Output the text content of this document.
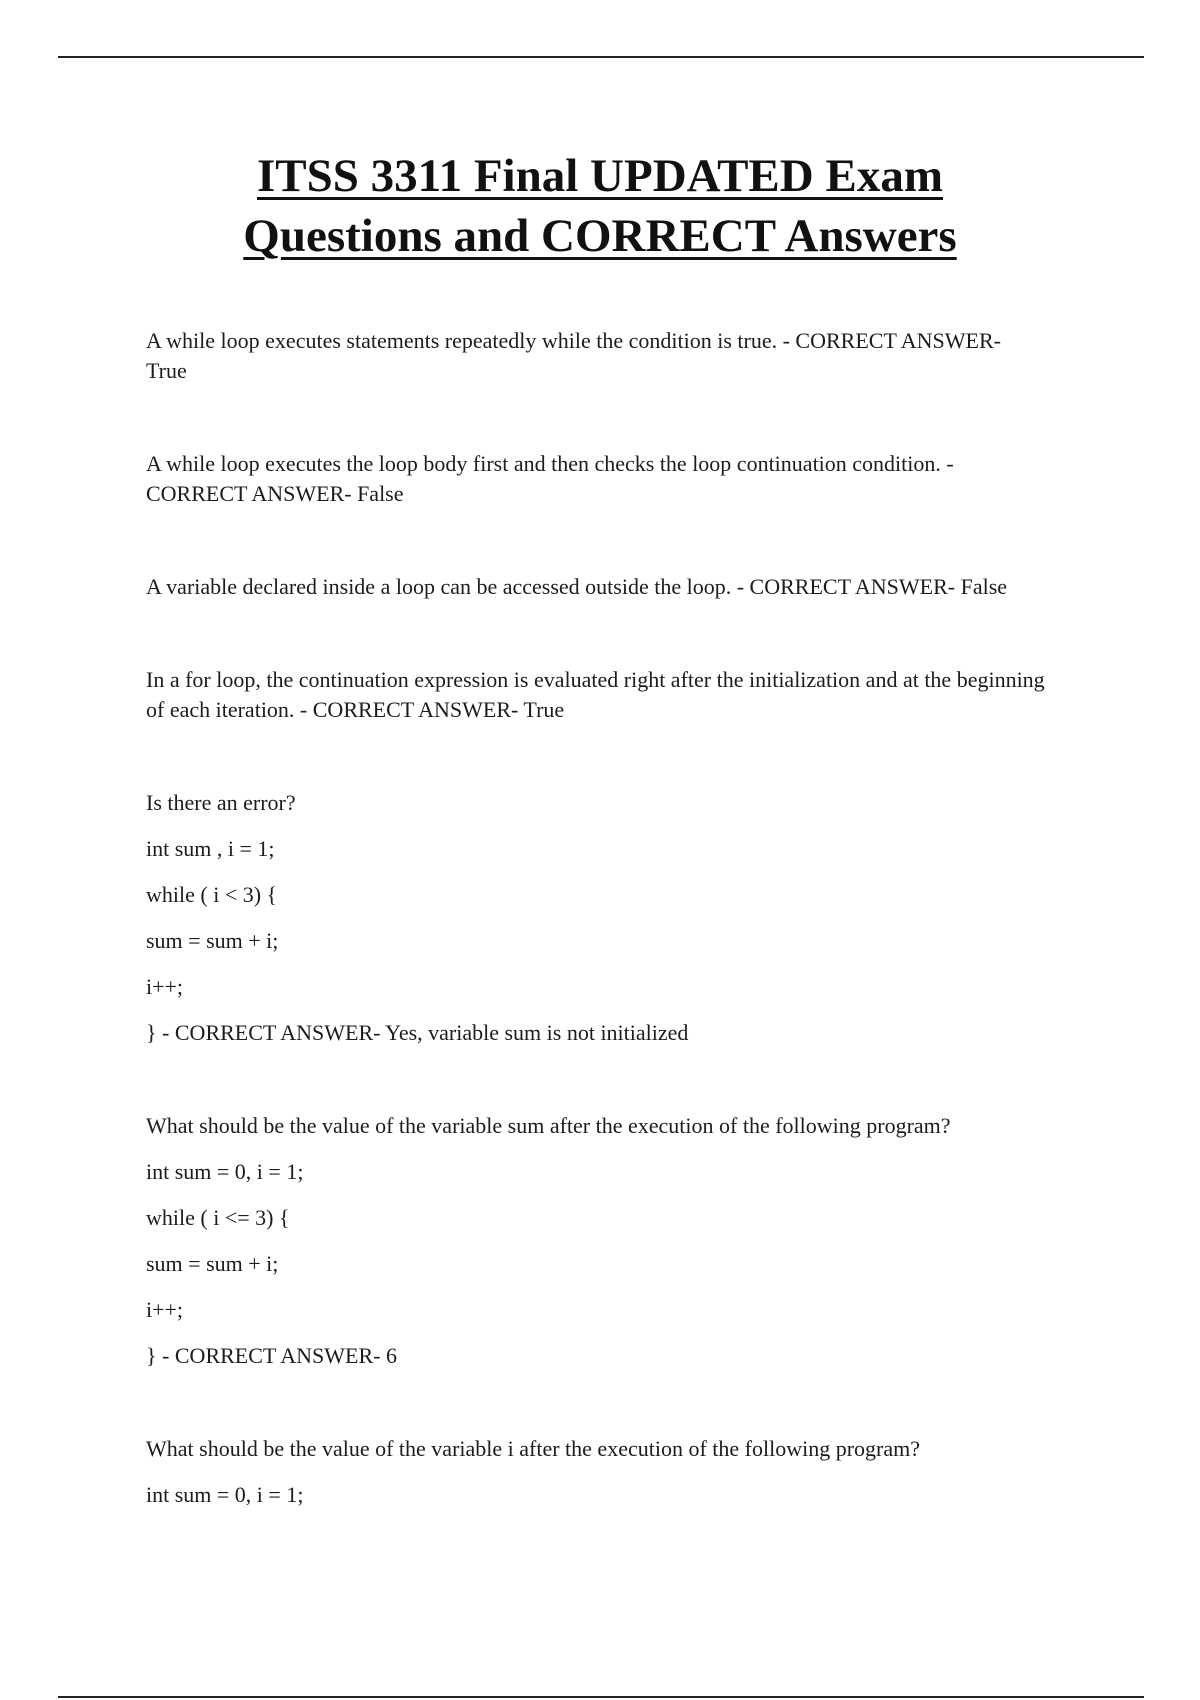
ITSS 3311 Final UPDATED Exam
Questions and CORRECT Answers
A while loop executes statements repeatedly while the condition is true. - CORRECT ANSWER- True
A while loop executes the loop body first and then checks the loop continuation condition. - CORRECT ANSWER- False
A variable declared inside a loop can be accessed outside the loop. - CORRECT ANSWER- False
In a for loop, the continuation expression is evaluated right after the initialization and at the beginning of each iteration. - CORRECT ANSWER- True
Is there an error?
int sum , i = 1;
while ( i < 3) {
sum = sum + i;
i++;
} - CORRECT ANSWER- Yes, variable sum is not initialized
What should be the value of the variable sum after the execution of the following program?
int sum = 0, i = 1;
while ( i <= 3) {
sum = sum + i;
i++;
} - CORRECT ANSWER- 6
What should be the value of the variable i after the execution of the following program?
int sum = 0, i = 1;
